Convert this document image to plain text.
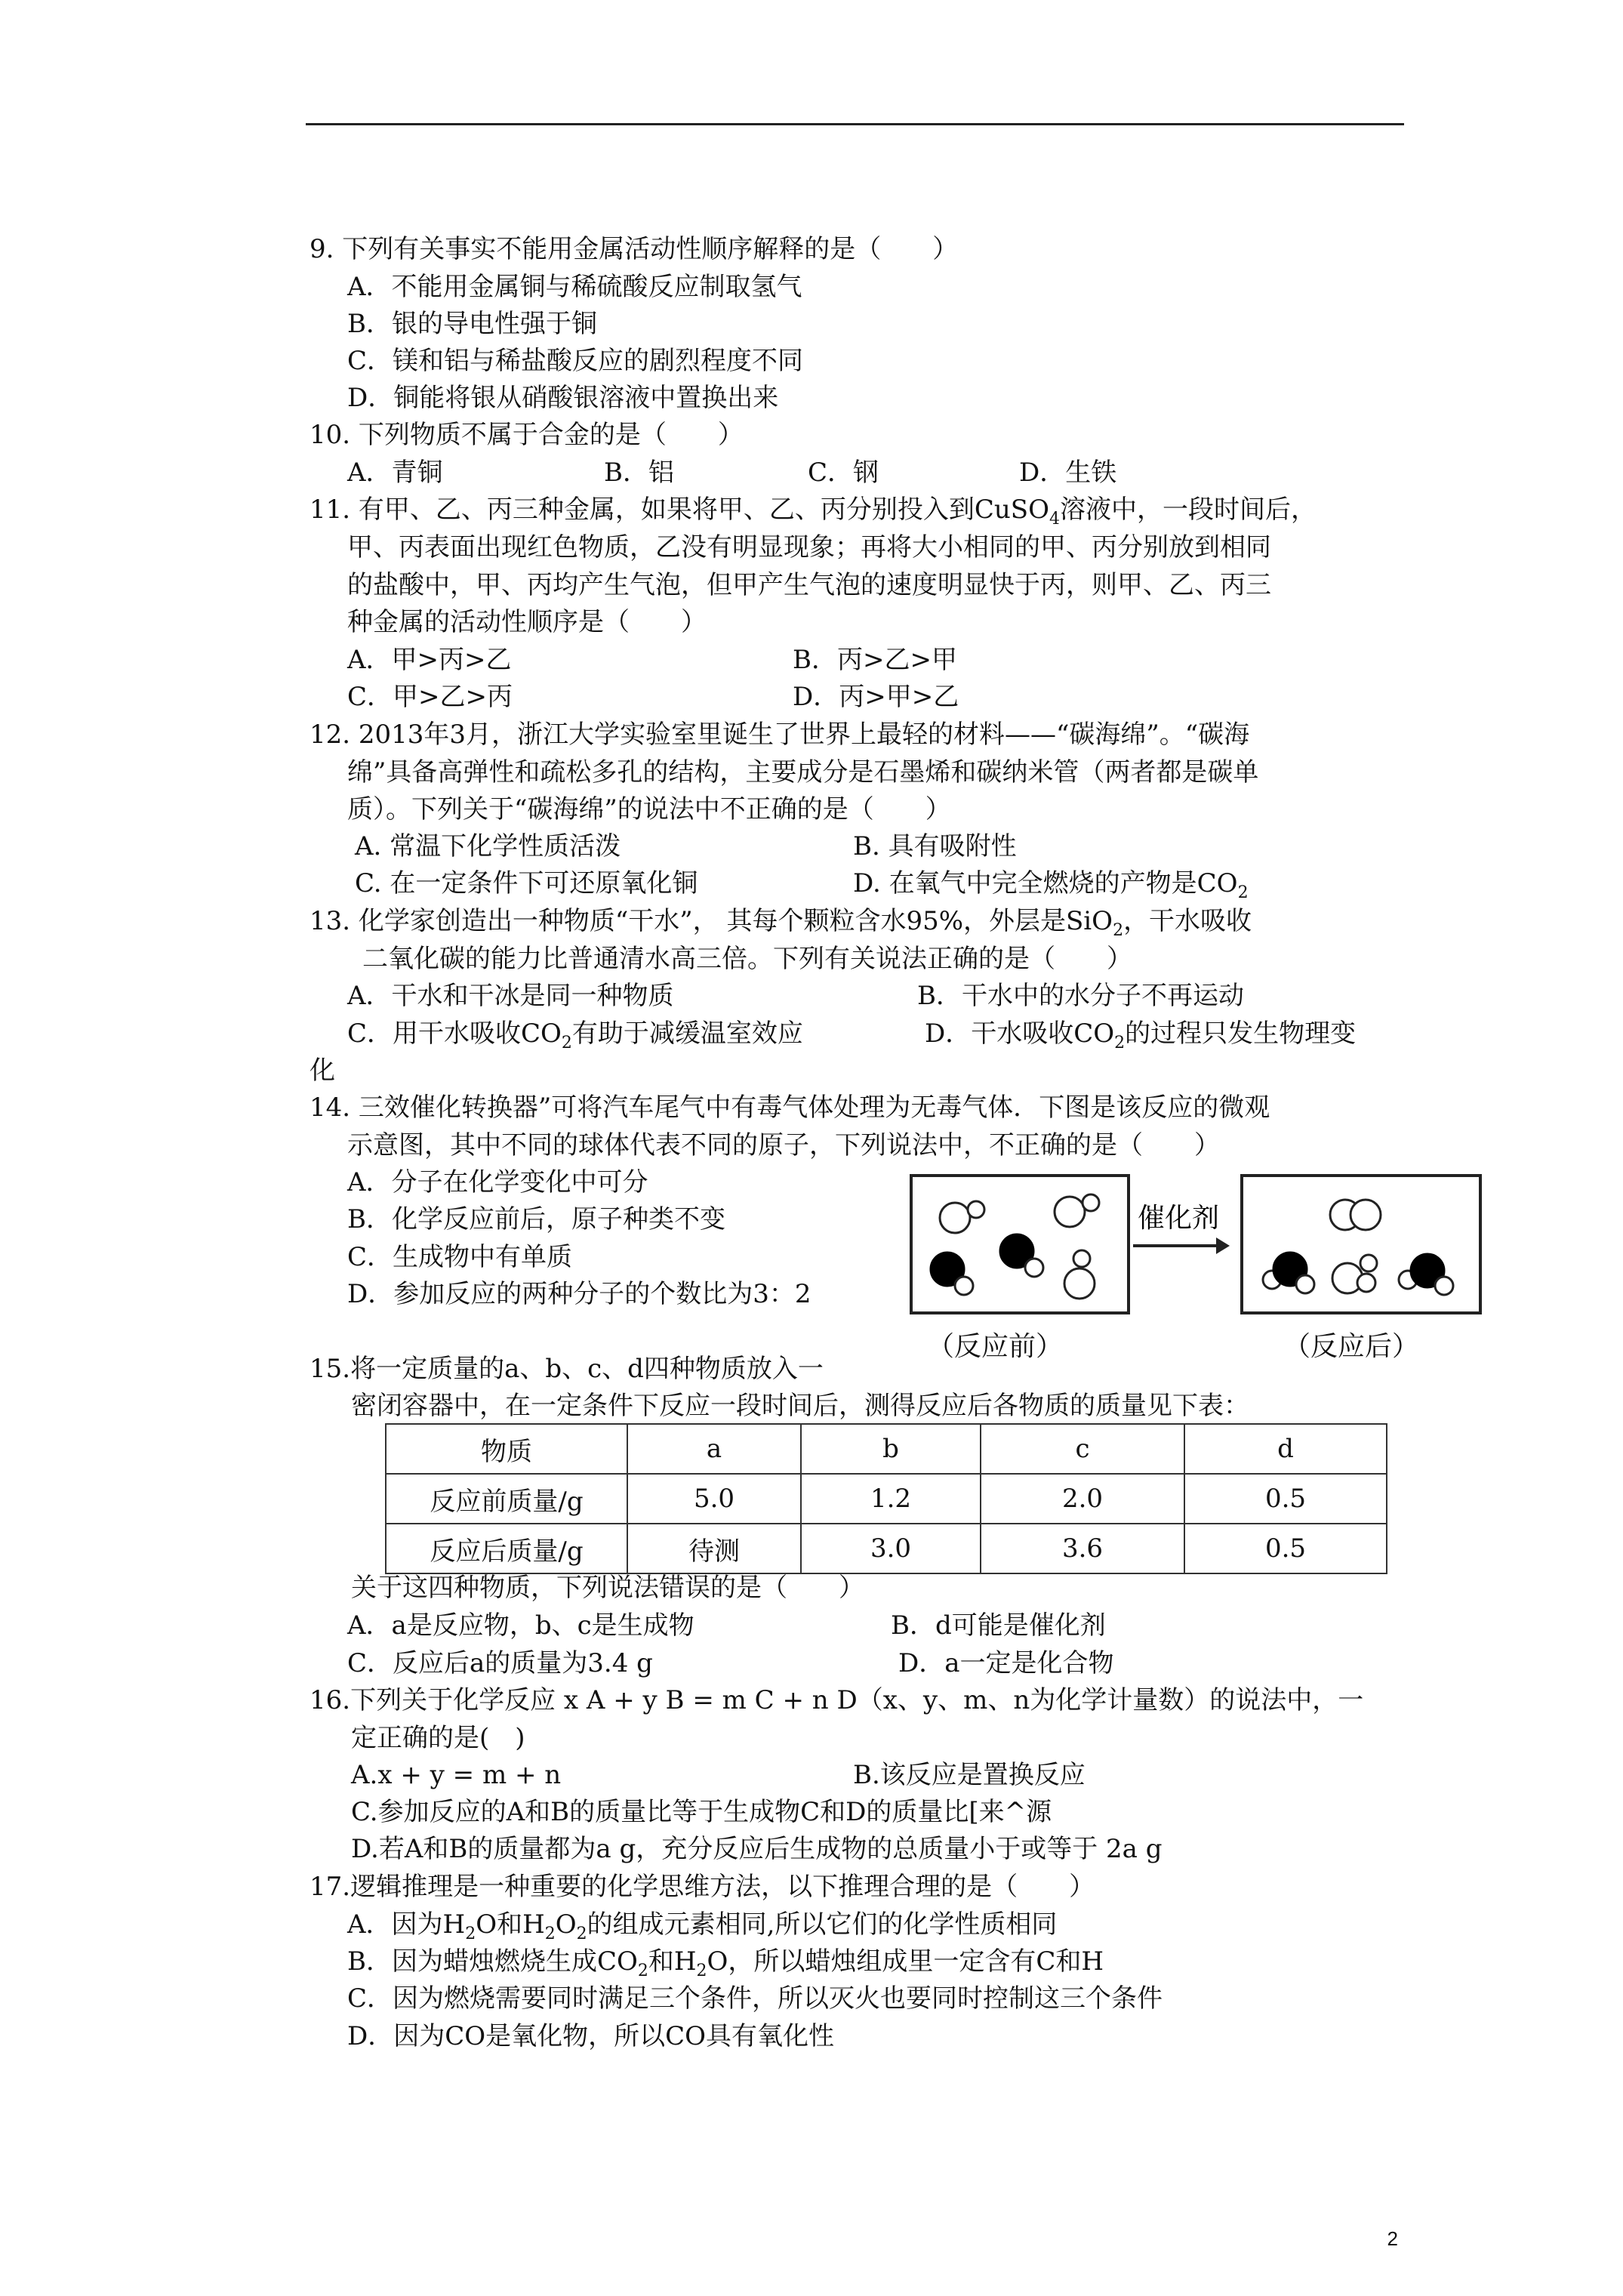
9. 下列有关事实不能用金属活动性顺序解释的是（　　）
A．不能用金属铜与稀硫酸反应制取氢气
B．银的导电性强于铜
C．镁和铝与稀盐酸反应的剧烈程度不同
D．铜能将银从硝酸银溶液中置换出来
10. 下列物质不属于合金的是（　　）
A．青铜	B．铝	C．钢	D．生铁
11. 有甲、乙、丙三种金属，如果将甲、乙、丙分别投入到CuSO$_4$溶液中，一段时间后，
甲、丙表面出现红色物质，乙没有明显现象；再将大小相同的甲、丙分别放到相同
的盐酸中，甲、丙均产生气泡，但甲产生气泡的速度明显快于丙，则甲、乙、丙三
种金属的活动性顺序是（　　）
A．甲>丙>乙	B．丙>乙>甲
C．甲>乙>丙	D．丙>甲>乙
12. 2013年3月，浙江大学实验室里诞生了世界上最轻的材料——“碳海绵”。“碳海
绵”具备高弹性和疏松多孔的结构，主要成分是石墨烯和碳纳米管（两者都是碳单
质）。下列关于“碳海绵”的说法中不正确的是（　　）
A. 常温下化学性质活泼	B. 具有吸附性
C. 在一定条件下可还原氧化铜	D. 在氧气中完全燃烧的产物是$CO_2$
13. 化学家创造出一种物质“干水”， 其每个颗粒含水95%，外层是SiO$_2$，干水吸收
二氧化碳的能力比普通清水高三倍。下列有关说法正确的是（　　）
A．干水和干冰是同一种物质	B．干水中的水分子不再运动
C．用干水吸收$CO_2$有助于减缓温室效应	D．干水吸收$CO_2$的过程只发生物理变
化
14. 三效催化转换器”可将汽车尾气中有毒气体处理为无毒气体．下图是该反应的微观
示意图，其中不同的球体代表不同的原子，下列说法中，不正确的是（　　）
A．分子在化学变化中可分
B．化学反应前后，原子种类不变
C．生成物中有单质
D．参加反应的两种分子的个数比为3：2
催化剂
（反应前）	（反应后）
15.将一定质量的a、b、c、d四种物质放入一
密闭容器中，在一定条件下反应一段时间后，测得反应后各物质的质量见下表：
物质	a	b	c	d
反应前质量/g	5.0	1.2	2.0	0.5
反应后质量/g	待测	3.0	3.6	0.5
关于这四种物质，下列说法错误的是（　　）
A．a是反应物，b、c是生成物	B．d可能是催化剂
C．反应后a的质量为3.4 g	D．a一定是化合物
16.下列关于化学反应 x A + y B = m C + n D（x、y、m、n为化学计量数）的说法中，一
定正确的是(　)
A.x + y = m + n	B.该反应是置换反应
C.参加反应的A和B的质量比等于生成物C和D的质量比[来^源
D.若A和B的质量都为a g，充分反应后生成物的总质量小于或等于 2a g
17.逻辑推理是一种重要的化学思维方法，以下推理合理的是（　　）
A．因为$H_2O$和$H_2O_2$的组成元素相同,所以它们的化学性质相同
B．因为蜡烛燃烧生成$CO_2$和$H_2O$，所以蜡烛组成里一定含有C和H
C．因为燃烧需要同时满足三个条件，所以灭火也要同时控制这三个条件
D．因为CO是氧化物，所以CO具有氧化性
2
